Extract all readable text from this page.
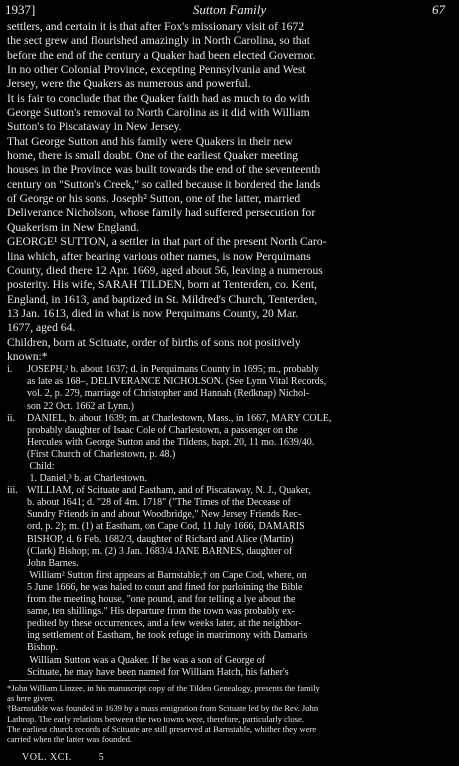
1937]	Sutton Family	67
settlers, and certain it is that after Fox's missionary visit of 1672
the sect grew and flourished amazingly in North Carolina, so that
before the end of the century a Quaker had been elected Governor.
In no other Colonial Province, excepting Pennsylvania and West
Jersey, were the Quakers as numerous and powerful.
It is fair to conclude that the Quaker faith had as much to do with
George Sutton's removal to North Carolina as it did with William
Sutton's to Piscataway in New Jersey.
That George Sutton and his family were Quakers in their new
home, there is small doubt. One of the earliest Quaker meeting
houses in the Province was built towards the end of the seventeenth
century on "Sutton's Creek," so called because it bordered the lands
of George or his sons. Joseph² Sutton, one of the latter, married
Deliverance Nicholson, whose family had suffered persecution for
Quakerism in New England.
GEORGE¹ SUTTON, a settler in that part of the present North Caro-
lina which, after bearing various other names, is now Perquimans
County, died there 12 Apr. 1669, aged about 56, leaving a numerous
posterity. His wife, SARAH TILDEN, born at Tenterden, co. Kent,
England, in 1613, and baptized in St. Mildred's Church, Tenterden,
13 Jan. 1613, died in what is now Perquimans County, 20 Mar.
1677, aged 64.
Children, born at Scituate, order of births of sons not positively
known:*
i. JOSEPH,² b. about 1637; d. in Perquimans County in 1695; m., probably
as late as 168–, DELIVERANCE NICHOLSON. (See Lynn Vital Records,
vol. 2, p. 279, marriage of Christopher and Hannah (Redknap) Nichol-
son 22 Oct. 1662 at Lynn.)
ii. DANIEL, b. about 1639; m. at Charlestown, Mass., in 1667, MARY COLE,
probably daughter of Isaac Cole of Charlestown, a passenger on the
Hercules with George Sutton and the Tildens, bapt. 20, 11 mo. 1639/40.
(First Church of Charlestown, p. 48.)
Child:
1. Daniel,³ b. at Charlestown.
iii. WILLIAM, of Scituate and Eastham, and of Piscataway, N. J., Quaker,
b. about 1641; d. "28 of 4m. 1718" ("The Times of the Decease of
Sundry Friends in and about Woodbridge," New Jersey Friends Rec-
ord, p. 2); m. (1) at Eastham, on Cape Cod, 11 July 1666, DAMARIS
BISHOP, d. 6 Feb. 1682/3, daughter of Richard and Alice (Martin)
(Clark) Bishop; m. (2) 3 Jan. 1683/4 JANE BARNES, daughter of
John Barnes.
William² Sutton first appears at Barnstable,† on Cape Cod, where, on
5 June 1666, he was haled to court and fined for purloining the Bible
from the meeting house, "one pound, and for telling a lye about the
same, ten shillings." His departure from the town was probably ex-
pedited by these occurrences, and a few weeks later, at the neighbor-
ing settlement of Eastham, he took refuge in matrimony with Damaris
Bishop.
William Sutton was a Quaker. If he was a son of George of
Scituate, he may have been named for William Hatch, his father's
*John William Linzee, in his manuscript copy of the Tilden Genealogy, presents the family
as here given.
†Barnstable was founded in 1639 by a mass emigration from Scituate led by the Rev. John
Lathrop. The early relations between the two towns were, therefore, particularly close.
The earliest church records of Scituate are still preserved at Barnstable, whither they were
carried when the latter was founded.
VOL. XCI.	5
